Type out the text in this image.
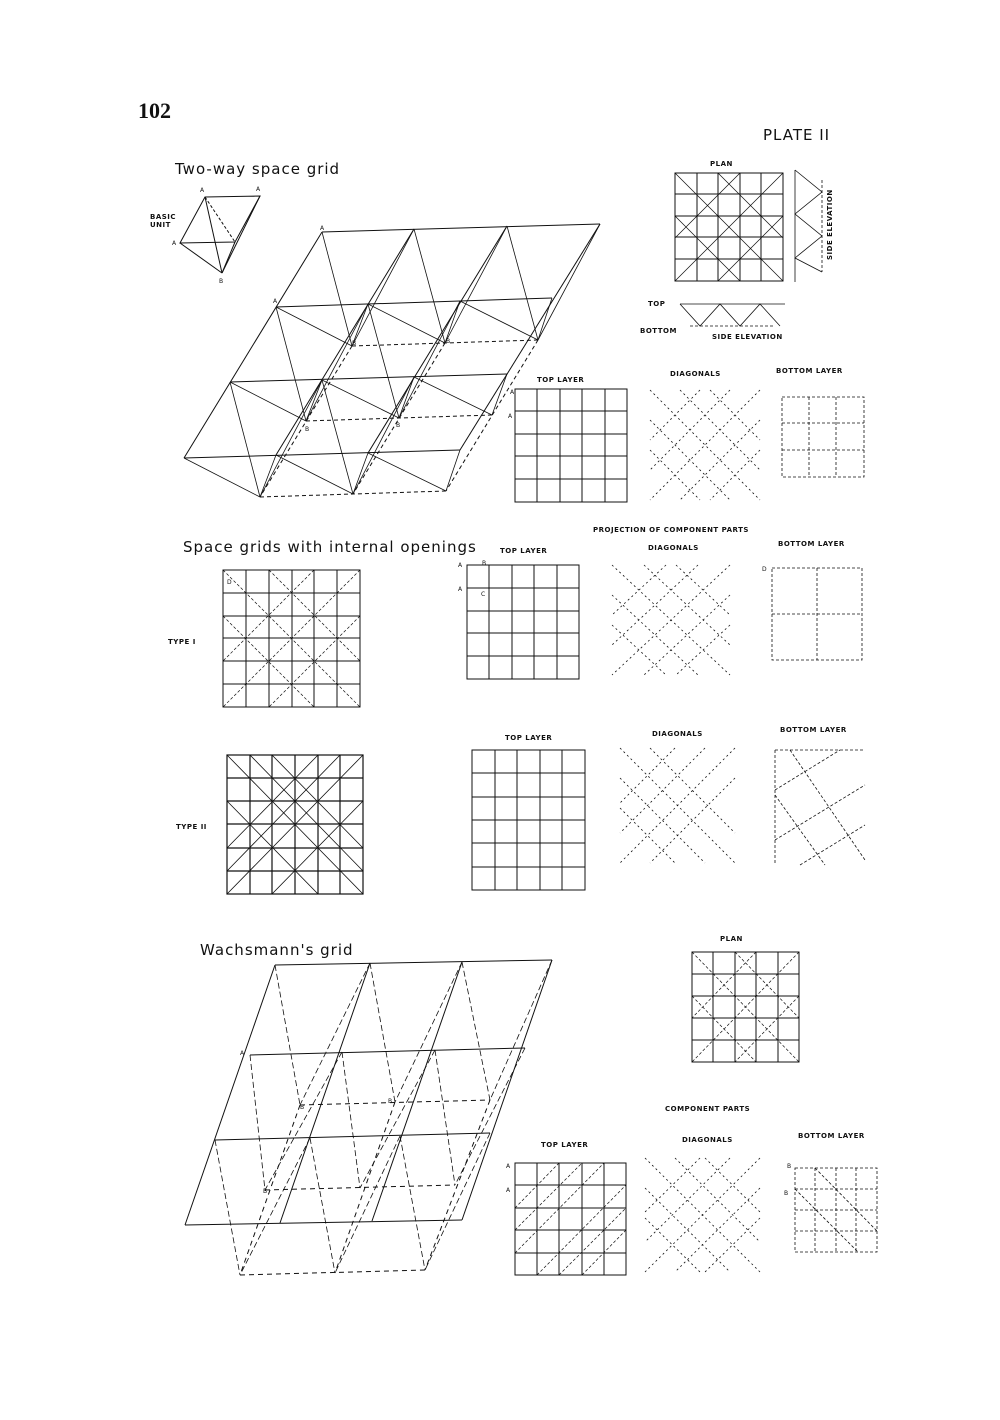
102
PLATE II
Two-way space grid
BASIC UNIT
PLAN
SIDE ELEVATION
TOP
BOTTOM
SIDE ELEVATION
TOP LAYER
DIAGONALS	BOTTOM LAYER
Space grids with internal openings
PROJECTION OF COMPONENT PARTS
TOP LAYER	DIAGONALS	BOTTOM LAYER
TYPE I
TOP LAYER	DIAGONALS	BOTTOM LAYER
TYPE II
Wachsmann's grid
PLAN
COMPONENT PARTS
TOP LAYER
DIAGONALS	BOTTOM LAYER
A	A
A
B
A
A
B	B
B
B
A
A
B
A
A
C
D
D
A
B
B
B
A
A
B
B
